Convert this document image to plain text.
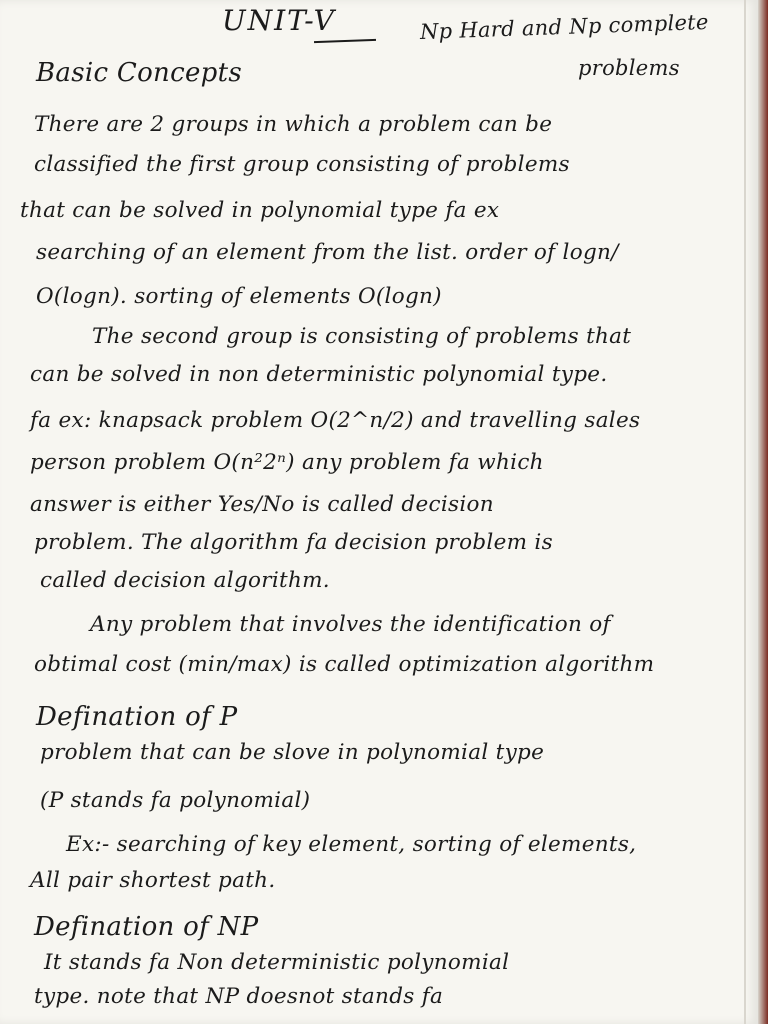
UNIT-V	Np Hard and Np complete
problems
Basic Concepts
There are 2 groups in which a problem can be
classified the first group consisting of problems
that can be solved in polynomial type fa ex
searching of an element from the list. order of logn/
O(logn). sorting of elements O(logn)
The second group is consisting of problems that
can be solved in non deterministic polynomial type.
fa ex: knapsack problem O(2^n/2) and travelling sales
person problem O(n²2ⁿ) any problem fa which
answer is either Yes/No is called decision
problem. The algorithm fa decision problem is
called decision algorithm.
Any problem that involves the identification of
obtimal cost (min/max) is called optimization algorithm
Defination of P
problem that can be slove in polynomial type
(P stands fa polynomial)
Ex:- searching of key element, sorting of elements,
All pair shortest path.
Defination of NP
It stands fa Non deterministic polynomial
type. note that NP doesnot stands fa
